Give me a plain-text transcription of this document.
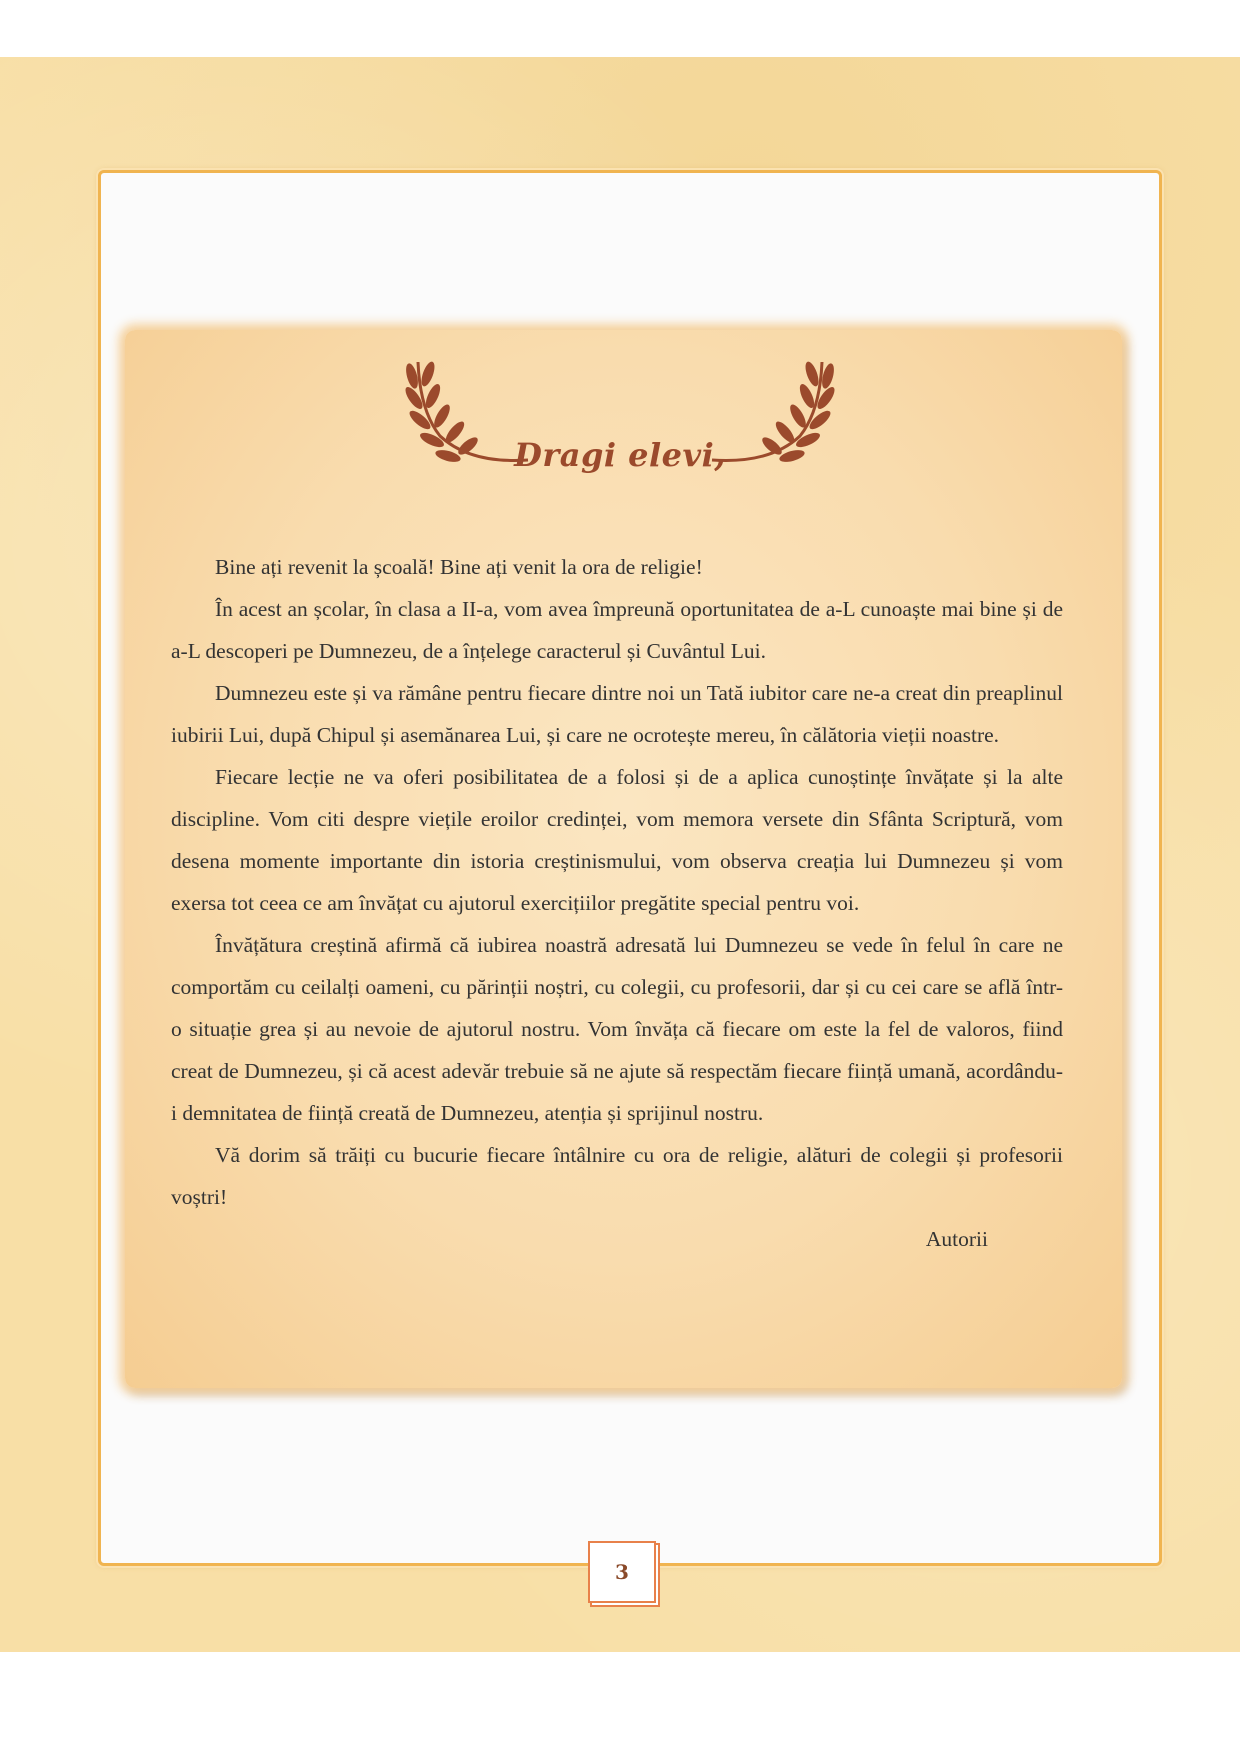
Dragi elevi,

Bine ați revenit la școală! Bine ați venit la ora de religie!

În acest an școlar, în clasa a II-a, vom avea împreună oportunitatea de a-L cunoaște mai bine și de a-L descoperi pe Dumnezeu, de a înțelege caracterul și Cuvântul Lui.

Dumnezeu este și va rămâne pentru fiecare dintre noi un Tată iubitor care ne-a creat din preaplinul iubirii Lui, după Chipul și asemănarea Lui, și care ne ocrotește mereu, în călătoria vieții noastre.

Fiecare lecție ne va oferi posibilitatea de a folosi și de a aplica cunoștințe învățate și la alte discipline. Vom citi despre viețile eroilor credinței, vom memora versete din Sfânta Scriptură, vom desena momente importante din istoria creștinismului, vom observa creația lui Dumnezeu și vom exersa tot ceea ce am învățat cu ajutorul exercițiilor pregătite special pentru voi.

Învățătura creștină afirmă că iubirea noastră adresată lui Dumnezeu se vede în felul în care ne comportăm cu ceilalți oameni, cu părinții noștri, cu colegii, cu profesorii, dar și cu cei care se află într-o situație grea și au nevoie de ajutorul nostru. Vom învăța că fiecare om este la fel de valoros, fiind creat de Dumnezeu, și că acest adevăr trebuie să ne ajute să respectăm fiecare ființă umană, acordându-i demnitatea de ființă creată de Dumnezeu, atenția și sprijinul nostru.

Vă dorim să trăiți cu bucurie fiecare întâlnire cu ora de religie, alături de colegii și profesorii voștri!

Autorii

3
